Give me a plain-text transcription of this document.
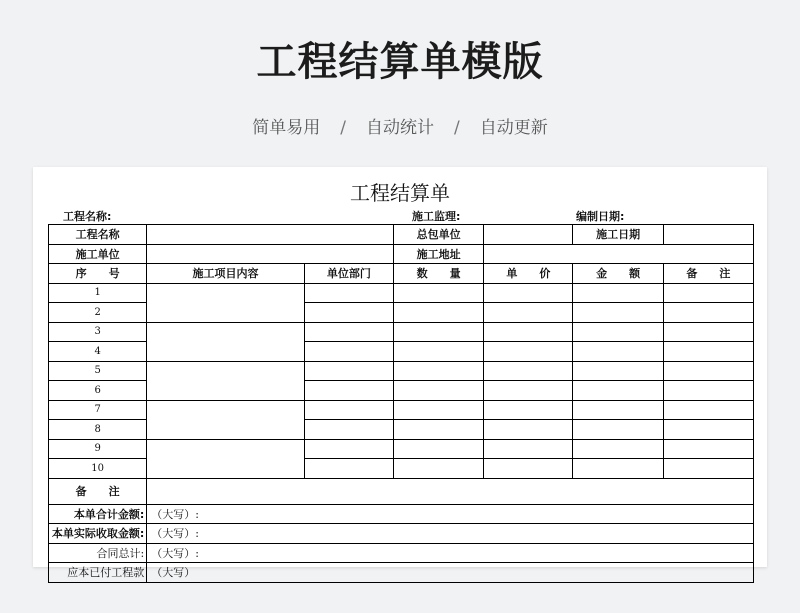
工程结算单模版
简单易用 / 自动统计 / 自动更新
工程结算单
工程名称:	施工监理:	编制日期:
工程名称			总包单位		施工日期	
施工单位			施工地址			
序　　号	施工项目内容	单位部门	数　　量	单　　价	金　　额	备　　注
1						
2						
3						
4						
5						
6						
7						
8						
9						
10						
备　　注						
本单合计金额:	（大写）:					
本单实际收取金额:	（大写）:					
合同总计:	（大写）:					
应本已付工程款	（大写）					
